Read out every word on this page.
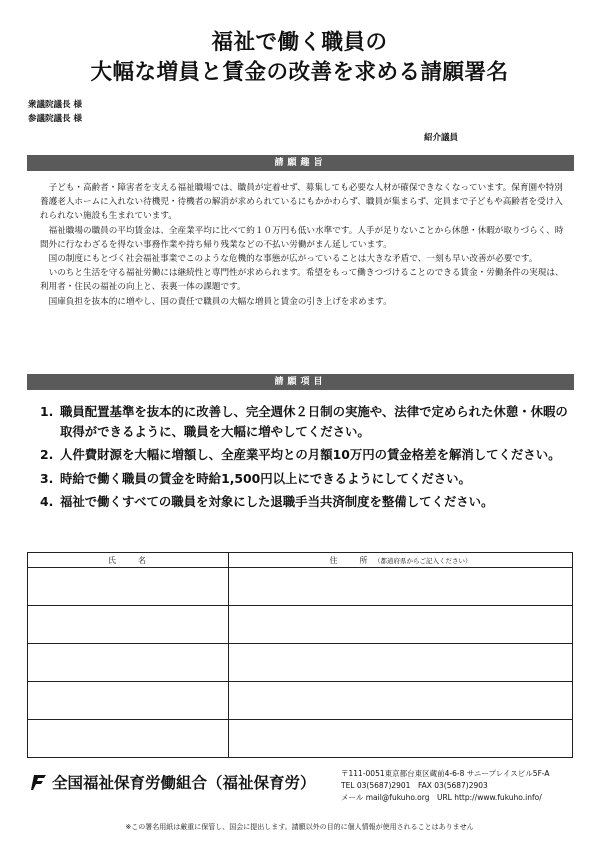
福祉で働く職員の
大幅な増員と賃金の改善を求める請願署名
衆議院議長 様
参議院議長 様
紹介議員
請願趣旨

子ども・高齢者・障害者を支える福祉職場では、職員が定着せず、募集しても必要な人材が確保できなくなっています。保育園や特別養護老人ホームに入れない待機児・待機者の解消が求められているにもかかわらず、職員が集まらず、定員まで子どもや高齢者を受け入れられない施設も生まれています。

福祉職場の職員の平均賃金は、全産業平均に比べて約１０万円も低い水準です。人手が足りないことから休憩・休暇が取りづらく、時間外に行なわざるを得ない事務作業や持ち帰り残業などの不払い労働がまん延しています。

国の制度にもとづく社会福祉事業でこのような危機的な事態が広がっていることは大きな矛盾で、一刻も早い改善が必要です。

いのちと生活を守る福祉労働には継続性と専門性が求められます。希望をもって働きつづけることのできる賃金・労働条件の実現は、利用者・住民の福祉の向上と、表裏一体の課題です。

国庫負担を抜本的に増やし、国の責任で職員の大幅な増員と賃金の引き上げを求めます。

請願項目
1. 職員配置基準を抜本的に改善し、完全週休２日制の実施や、法律で定められた休憩・休暇の取得ができるように、職員を大幅に増やしてください。
2. 人件費財源を大幅に増額し、全産業平均との月額10万円の賃金格差を解消してください。
3. 時給で働く職員の賃金を時給1,500円以上にできるようにしてください。
4. 福祉で働くすべての職員を対象にした退職手当共済制度を整備してください。
氏　　名	住　　所 （都道府県からご記入ください）

全国福祉保育労働組合（福祉保育労）
〒111-0051東京都台東区蔵前4-6-8 サニープレイスビル5F-A
TEL 03(5687)2901　FAX 03(5687)2903
メール mail@fukuho.org　URL http://www.fukuho.info/
※この署名用紙は厳重に保管し、国会に提出します。請願以外の目的に個人情報が使用されることはありません
